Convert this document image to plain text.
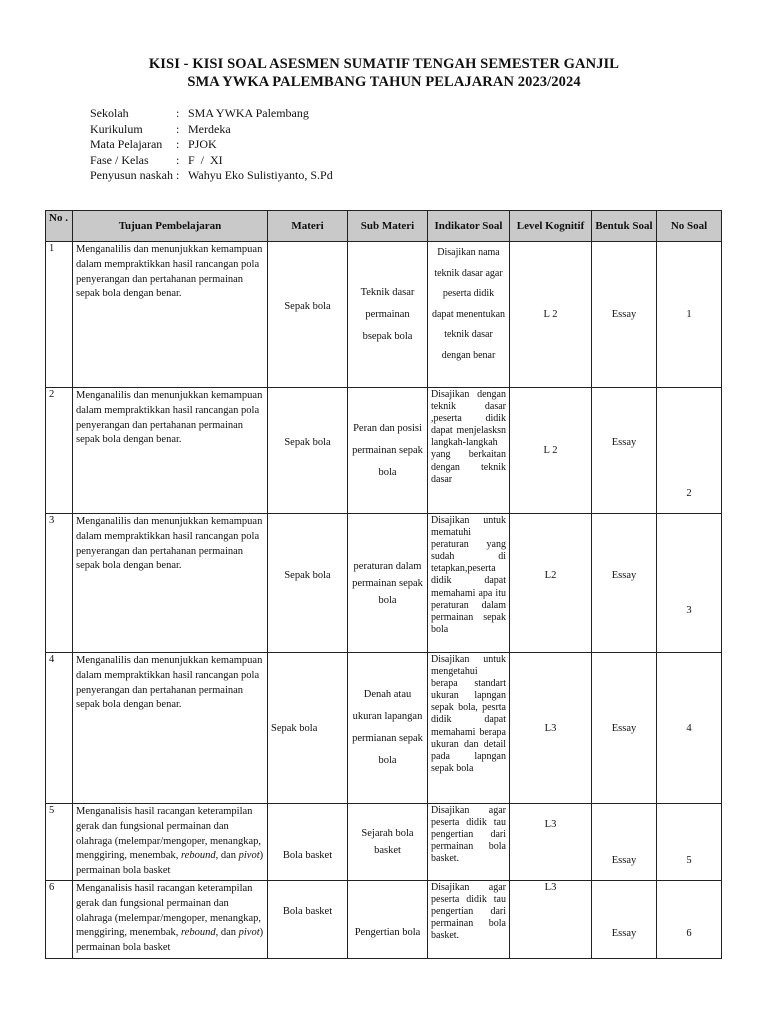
KISI - KISI SOAL ASESMEN SUMATIF TENGAH SEMESTER GANJIL
SMA YWKA PALEMBANG TAHUN PELAJARAN 2023/2024
Sekolah	: SMA YWKA Palembang
Kurikulum	: Merdeka
Mata Pelajaran	: PJOK
Fase / Kelas	: F  /  XI
Penyusun naskah : Wahyu Eko Sulistiyanto, S.Pd
No .	Tujuan Pembelajaran	Materi	Sub Materi	Indikator Soal	Level Kognitif	Bentuk Soal	No Soal
1	Menganalilis dan menunjukkan kemampuan dalam mempraktikkan hasil rancangan pola penyerangan dan pertahanan permainan sepak bola dengan benar.	Sepak bola	Teknik dasar permainan bsepak bola	Disajikan nama teknik dasar agar peserta didik dapat menentukan teknik dasar dengan benar	L 2	Essay	1
2	Menganalilis dan menunjukkan kemampuan dalam mempraktikkan hasil rancangan pola penyerangan dan pertahanan permainan sepak bola dengan benar.	Sepak bola	Peran dan posisi permainan sepak bola	Disajikan dengan teknik dasar ,peserta didik dapat menjelasksn langkah-langkah yang berkaitan dengan teknik dasar	L 2	Essay	2
3	Menganalilis dan menunjukkan kemampuan dalam mempraktikkan hasil rancangan pola penyerangan dan pertahanan permainan sepak bola dengan benar.	Sepak bola	peraturan dalam permainan sepak bola	Disajikan untuk mematuhi peraturan yang sudah di tetapkan,peserta didik dapat memahami apa itu peraturan dalam permainan sepak bola	L2	Essay	3
4	Menganalilis dan menunjukkan kemampuan dalam mempraktikkan hasil rancangan pola penyerangan dan pertahanan permainan sepak bola dengan benar.	Sepak bola	Denah atau ukuran lapangan permianan sepak bola	Disajikan untuk mengetahui berapa standart ukuran lapngan sepak bola, pesrta didik dapat memahami berapa ukuran dan detail pada lapngan sepak bola	L3	Essay	4
5	Menganalisis hasil racangan keterampilan gerak dan fungsional permainan dan olahraga (melempar/mengoper, menangkap, menggiring, menembak, rebound, dan pivot) permainan bola basket	Bola basket	Sejarah bola basket	Disajikan agar peserta didik tau pengertian dari permainan bola basket.	L3	Essay	5
6	Menganalisis hasil racangan keterampilan gerak dan fungsional permainan dan olahraga (melempar/mengoper, menangkap, menggiring, menembak, rebound, dan pivot) permainan bola basket	Bola basket	Pengertian bola	Disajikan agar peserta didik tau pengertian dari permainan bola basket.	L3	Essay	6
